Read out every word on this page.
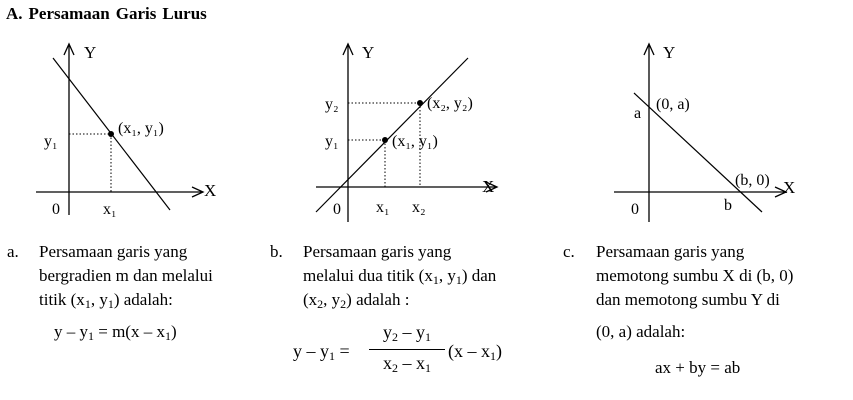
A. Persamaan Garis Lurus
Y
X
0
(x₁, y₁)
y₁
x₁
Y
X
0
(x₁, y₁)
(x₂, y₂)
y₁
y₂
x₁ x₂
Y
X
0
(0, a)
(b, 0)
a
b
a. Persamaan garis yang
bergradien m dan melalui
titik ($x_1$, $y_1$) adalah:
$y - y_1 = m(x - x_1)$
b. Persamaan garis yang
melalui dua titik ($x_1$, $y_1$) dan
($x_2$, $y_2$) adalah :
y – $y_1$ =
$y_2 - y_1$
$x_2 - x_1$
$(x - x_1)$
c. Persamaan garis yang
memotong sumbu X di (b, 0)
dan memotong sumbu Y di
(0, a) adalah:
ax + by = ab
